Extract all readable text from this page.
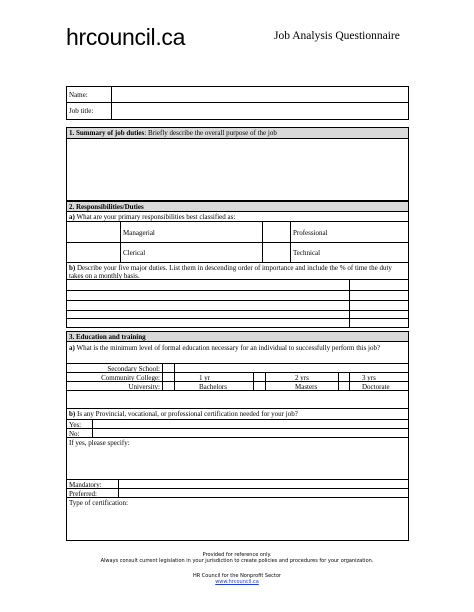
hrcouncil.ca	Job Analysis Questionnaire
Name:
Job title:
1. Summary of job duties: Briefly describe the overall purpose of the job
2. Responsibilities/Duties
a) What are your primary responsibilities best classified as:
Managerial	Professional
Clerical	Technical
b) Describe your five major duties. List them in descending order of importance and include the % of time the duty takes on a monthly basis.
3. Education and training
a) What is the minimum level of formal education necessary for an individual to successfully perform this job?
Secondary School:
Community College:	1 yr	2 yrs	3 yrs
University:	Bachelors	Masters	Doctorate
b) Is any Provincial, vocational, or professional certification needed for your job?
Yes:
No:
If yes, please specify:
Mandatory:
Preferred:
Type of certification:
Provided for reference only.
Always consult current legislation in your jurisdiction to create policies and procedures for your organization.
HR Council for the Nonprofit Sector
www.hrcouncil.ca
